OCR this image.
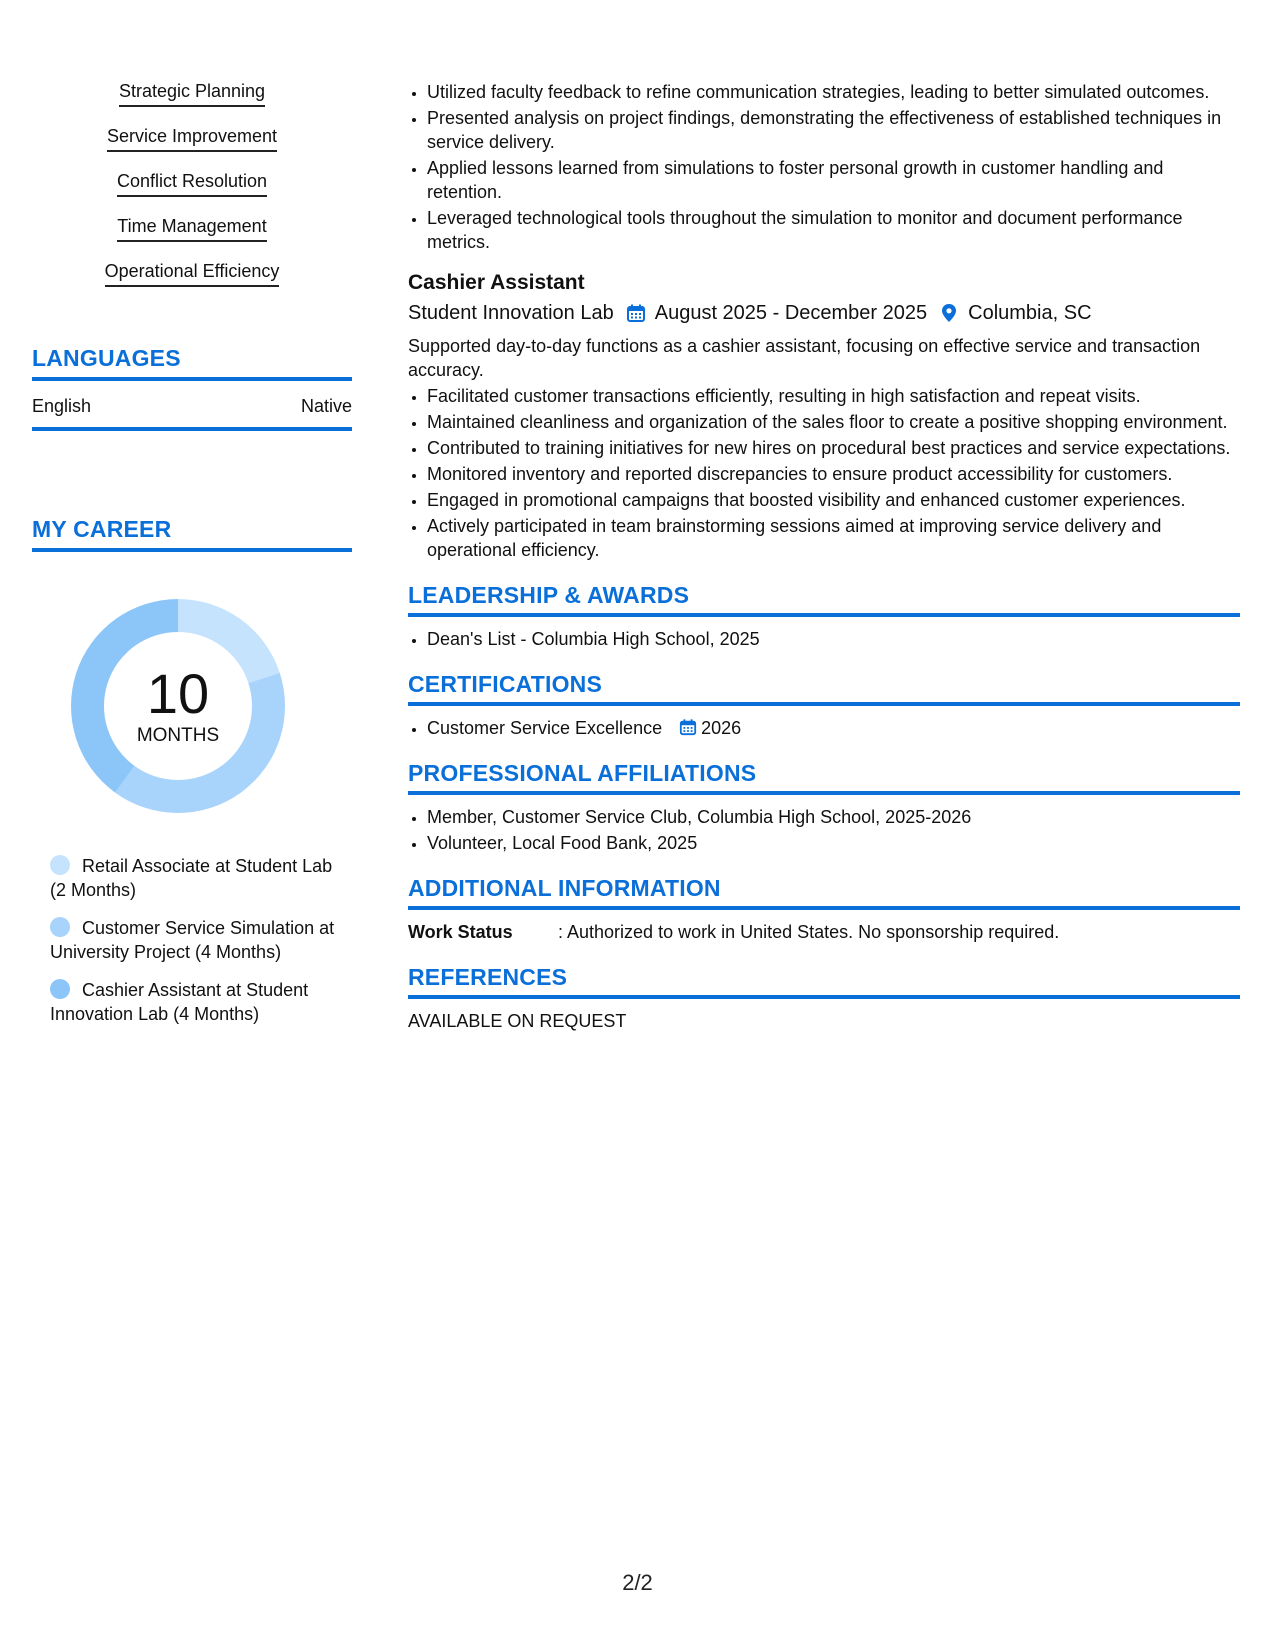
Strategic Planning
Service Improvement
Conflict Resolution
Time Management
Operational Efficiency
LANGUAGES
English	Native
MY CAREER
10
MONTHS
Retail Associate at Student Lab (2 Months)
Customer Service Simulation at University Project (4 Months)
Cashier Assistant at Student Innovation Lab (4 Months)
• Utilized faculty feedback to refine communication strategies, leading to better simulated outcomes.
• Presented analysis on project findings, demonstrating the effectiveness of established techniques in service delivery.
• Applied lessons learned from simulations to foster personal growth in customer handling and retention.
• Leveraged technological tools throughout the simulation to monitor and document performance metrics.
Cashier Assistant
Student Innovation Lab August 2025 - December 2025 Columbia, SC

Supported day-to-day functions as a cashier assistant, focusing on effective service and transaction accuracy.

• Facilitated customer transactions efficiently, resulting in high satisfaction and repeat visits.
• Maintained cleanliness and organization of the sales floor to create a positive shopping environment.
• Contributed to training initiatives for new hires on procedural best practices and service expectations.
• Monitored inventory and reported discrepancies to ensure product accessibility for customers.
• Engaged in promotional campaigns that boosted visibility and enhanced customer experiences.
• Actively participated in team brainstorming sessions aimed at improving service delivery and operational efficiency.
LEADERSHIP & AWARDS
• Dean's List - Columbia High School, 2025
CERTIFICATIONS
• Customer Service Excellence 2026
PROFESSIONAL AFFILIATIONS
• Member, Customer Service Club, Columbia High School, 2025-2026
• Volunteer, Local Food Bank, 2025
ADDITIONAL INFORMATION
Work Status	: Authorized to work in United States. No sponsorship required.
REFERENCES
AVAILABLE ON REQUEST
2/2
